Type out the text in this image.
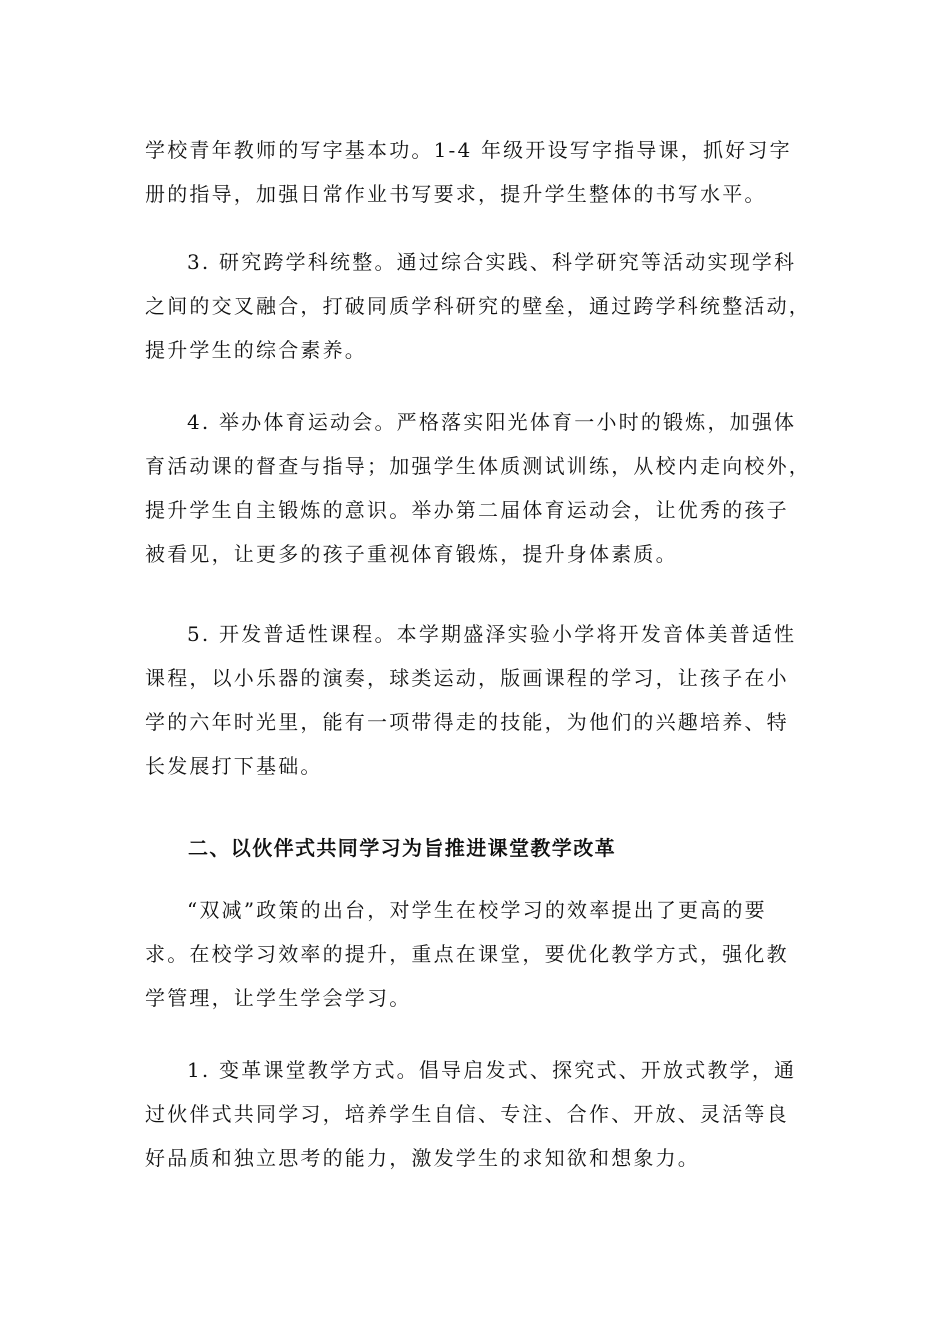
学校青年教师的写字基本功。1-4 年级开设写字指导课，抓好习字
册的指导，加强日常作业书写要求，提升学生整体的书写水平。

3. 研究跨学科统整。通过综合实践、科学研究等活动实现学科
之间的交叉融合，打破同质学科研究的壁垒，通过跨学科统整活动，
提升学生的综合素养。

4. 举办体育运动会。严格落实阳光体育一小时的锻炼，加强体
育活动课的督查与指导；加强学生体质测试训练，从校内走向校外，
提升学生自主锻炼的意识。举办第二届体育运动会，让优秀的孩子
被看见，让更多的孩子重视体育锻炼，提升身体素质。

5. 开发普适性课程。本学期盛泽实验小学将开发音体美普适性
课程，以小乐器的演奏，球类运动，版画课程的学习，让孩子在小
学的六年时光里，能有一项带得走的技能，为他们的兴趣培养、特
长发展打下基础。

二、以伙伴式共同学习为旨推进课堂教学改革

“双减”政策的出台，对学生在校学习的效率提出了更高的要
求。在校学习效率的提升，重点在课堂，要优化教学方式，强化教
学管理，让学生学会学习。

1. 变革课堂教学方式。倡导启发式、探究式、开放式教学，通
过伙伴式共同学习，培养学生自信、专注、合作、开放、灵活等良
好品质和独立思考的能力，激发学生的求知欲和想象力。
